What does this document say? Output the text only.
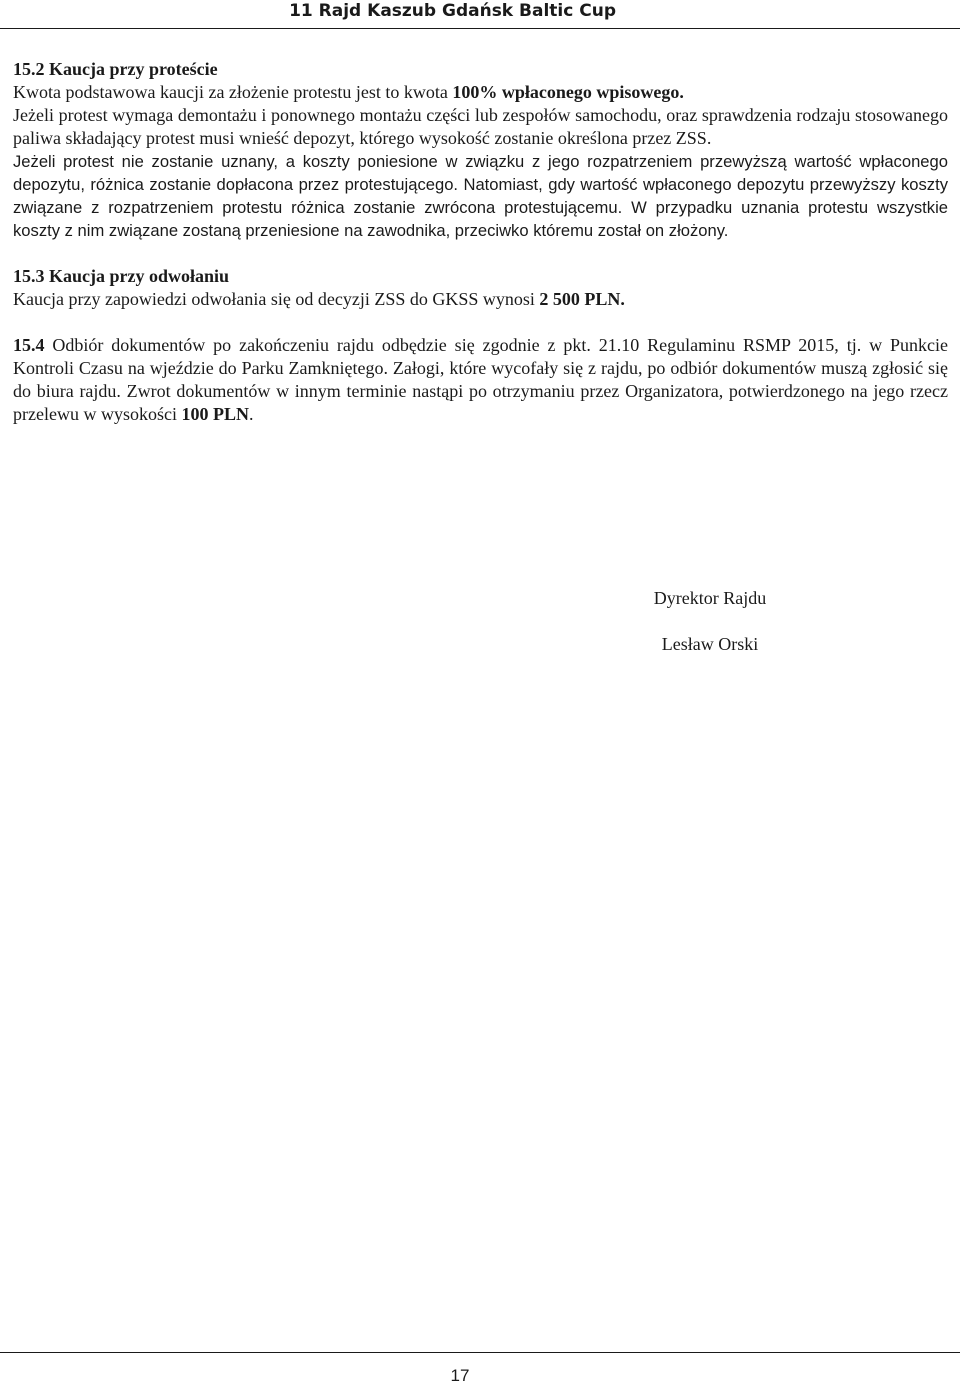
11 Rajd Kaszub Gdańsk Baltic Cup
15.2 Kaucja przy proteście

Kwota podstawowa kaucji za złożenie protestu jest to kwota 100% wpłaconego wpisowego.

Jeżeli protest wymaga demontażu i ponownego montażu części lub zespołów samochodu, oraz sprawdzenia rodzaju stosowanego paliwa składający protest musi wnieść depozyt, którego wysokość zostanie określona przez ZSS.

Jeżeli protest nie zostanie uznany, a koszty poniesione w związku z jego rozpatrzeniem przewyższą wartość wpłaconego depozytu, różnica zostanie dopłacona przez protestującego. Natomiast, gdy wartość wpłaconego depozytu przewyższy koszty związane z rozpatrzeniem protestu różnica zostanie zwrócona protestującemu. W przypadku uznania protestu wszystkie koszty z nim związane zostaną przeniesione na zawodnika, przeciwko któremu został on złożony.

15.3 Kaucja przy odwołaniu

Kaucja przy zapowiedzi odwołania się od decyzji ZSS do GKSS wynosi 2 500 PLN.

15.4 Odbiór dokumentów po zakończeniu rajdu odbędzie się zgodnie z pkt. 21.10 Regulaminu RSMP 2015, tj. w Punkcie Kontroli Czasu na wjeździe do Parku Zamkniętego. Załogi, które wycofały się z rajdu, po odbiór dokumentów muszą zgłosić się do biura rajdu. Zwrot dokumentów w innym terminie nastąpi po otrzymaniu przez Organizatora, potwierdzonego na jego rzecz przelewu w wysokości 100 PLN.

Dyrektor Rajdu
Lesław Orski
17
